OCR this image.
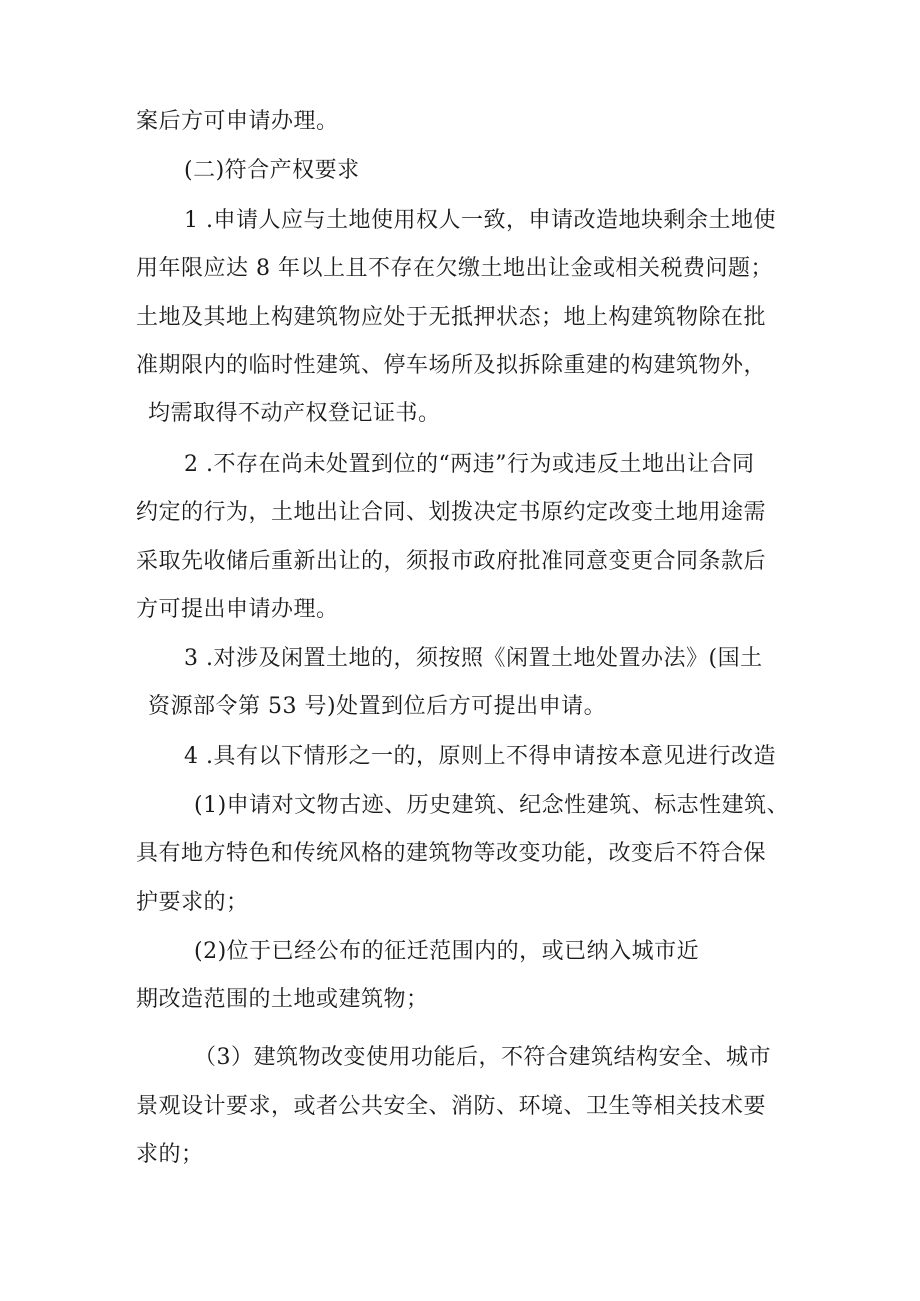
案后方可申请办理。

(二)符合产权要求

1 .申请人应与土地使用权人一致，申请改造地块剩余土地使

用年限应达 8 年以上且不存在欠缴土地出让金或相关税费问题；

土地及其地上构建筑物应处于无抵押状态；地上构建筑物除在批

准期限内的临时性建筑、停车场所及拟拆除重建的构建筑物外，

均需取得不动产权登记证书。

2 .不存在尚未处置到位的“两违”行为或违反土地出让合同

约定的行为，土地出让合同、划拨决定书原约定改变土地用途需

采取先收储后重新出让的，须报市政府批准同意变更合同条款后

方可提出申请办理。

3 .对涉及闲置土地的，须按照《闲置土地处置办法》(国土

资源部令第 53 号)处置到位后方可提出申请。

4 .具有以下情形之一的，原则上不得申请按本意见进行改造

(1)申请对文物古迹、历史建筑、纪念性建筑、标志性建筑、

具有地方特色和传统风格的建筑物等改变功能，改变后不符合保

护要求的；

(2)位于已经公布的征迁范围内的，或已纳入城市近

期改造范围的土地或建筑物；

（3）建筑物改变使用功能后，不符合建筑结构安全、城市

景观设计要求，或者公共安全、消防、环境、卫生等相关技术要

求的；
